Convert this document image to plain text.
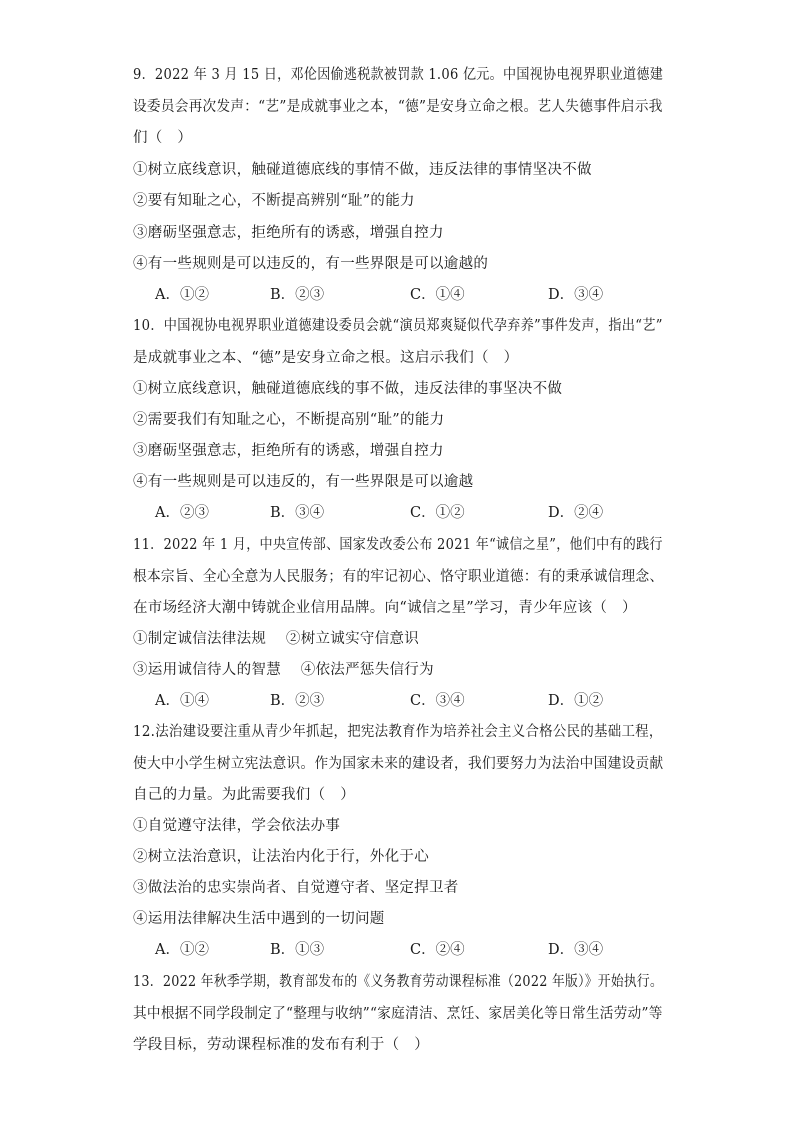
9．2022 年 3 月 15 日，邓伦因偷逃税款被罚款 1.06 亿元。中国视协电视界职业道德建
设委员会再次发声：“艺”是成就事业之本，“德”是安身立命之根。艺人失德事件启示我
们（　）
①树立底线意识，触碰道德底线的事情不做，违反法律的事情坚决不做
②要有知耻之心，不断提高辨别“耻”的能力
③磨砺坚强意志，拒绝所有的诱惑，增强自控力
④有一些规则是可以违反的，有一些界限是可以逾越的
A．①②	B．②③	C．①④	D．③④
10．中国视协电视界职业道德建设委员会就“演员郑爽疑似代孕弃养”事件发声，指出“艺”
是成就事业之本、“德”是安身立命之根。这启示我们（　）
①树立底线意识，触碰道德底线的事不做，违反法律的事坚决不做
②需要我们有知耻之心，不断提高别“耻”的能力
③磨砺坚强意志，拒绝所有的诱惑，增强自控力
④有一些规则是可以违反的，有一些界限是可以逾越
A．②③	B．③④	C．①②	D．②④
11．2022 年 1 月，中央宣传部、国家发改委公布 2021 年“诚信之星”，他们中有的践行
根本宗旨、全心全意为人民服务；有的牢记初心、恪守职业道德：有的秉承诚信理念、
在市场经济大潮中铸就企业信用品牌。向“诚信之星”学习，青少年应该（　）
①制定诚信法律法规　 ②树立诚实守信意识
③运用诚信待人的智慧　 ④依法严惩失信行为
A．①④	B．②③	C．③④	D．①②
12.法治建设要注重从青少年抓起，把宪法教育作为培养社会主义合格公民的基础工程，
使大中小学生树立宪法意识。作为国家未来的建设者，我们要努力为法治中国建设贡献
自己的力量。为此需要我们（　）
①自觉遵守法律，学会依法办事
②树立法治意识，让法治内化于行，外化于心
③做法治的忠实崇尚者、自觉遵守者、坚定捍卫者
④运用法律解决生活中遇到的一切问题
A．①②	B．①③	C．②④	D．③④
13．2022 年秋季学期，教育部发布的《义务教育劳动课程标准（2022 年版）》开始执行。
其中根据不同学段制定了“整理与收纳”“家庭清洁、烹饪、家居美化等日常生活劳动”等
学段目标，劳动课程标准的发布有利于（　）
